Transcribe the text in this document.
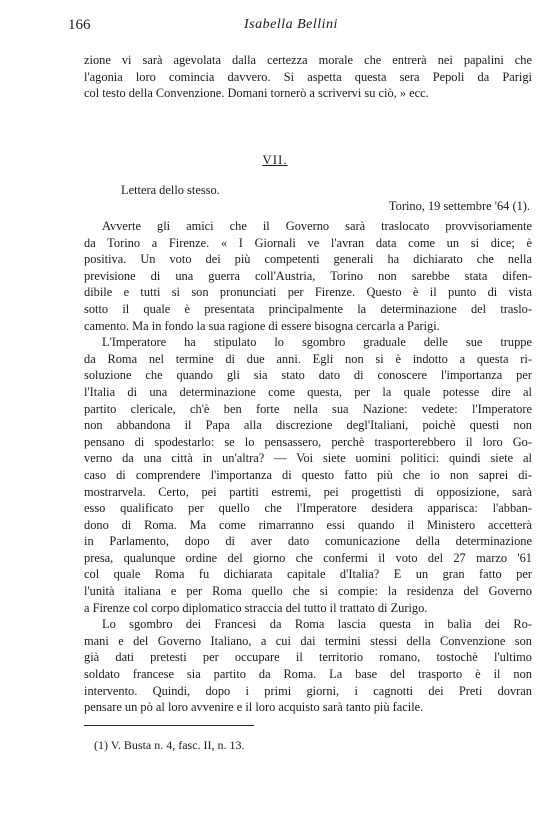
166	Isabella Bellini
zione vi sarà agevolata dalla certezza morale che entrerà nei papalini che
l'agonia loro comincia davvero. Si aspetta questa sera Pepoli da Parigi
col testo della Convenzione. Domani tornerò a scrivervi su ciò, » ecc.
VII.
Lettera dello stesso.
Torino, 19 settembre '64 (1).
Avverte gli amici che il Governo sarà traslocato provvisoriamente
da Torino a Firenze. « I Giornali ve l'avran data come un si dice; è
positiva. Un voto dei più competenti generali ha dichiarato che nella
previsione di una guerra coll'Austria, Torino non sarebbe stata difen-
dibile e tutti si son pronunciati per Firenze. Questo è il punto di vista
sotto il quale è presentata principalmente la determinazione del traslo-
camento. Ma in fondo la sua ragione di essere bisogna cercarla a Parigi.
L'Imperatore ha stipulato lo sgombro graduale delle sue truppe
da Roma nel termine di due anni. Egli non si è indotto a questa ri-
soluzione che quando gli sia stato dato di conoscere l'importanza per
l'Italia di una determinazione come questa, per la quale potesse dire al
partito clericale, ch'è ben forte nella sua Nazione: vedete: l'Imperatore
non abbandona il Papa alla discrezione degl'Italiani, poichè questi non
pensano di spodestarlo: se lo pensassero, perchè trasporterebbero il loro Go-
verno da una città in un'altra? — Voi siete uomini politici: quindi siete al
caso di comprendere l'importanza di questo fatto più che io non saprei di-
mostrarvela. Certo, pei partiti estremi, pei progettisti di opposizione, sarà
esso qualificato per quello che l'Imperatore desidera apparisca: l'abban-
dono di Roma. Ma come rimarranno essi quando il Ministero accetterà
in Parlamento, dopo di aver dato comunicazione della determinazione
presa, qualunque ordine del giorno che confermi il voto del 27 marzo '61
col quale Roma fu dichiarata capitale d'Italia? E un gran fatto per
l'unità italiana e per Roma quello che si compie: la residenza del Governo
a Firenze col corpo diplomatico straccia del tutto il trattato di Zurigo.
Lo sgombro dei Francesi da Roma lascia questa in balìa dei Ro-
mani e del Governo Italiano, a cui dai termini stessi della Convenzione son
già dati pretesti per occupare il territorio romano, tostochè l'ultimo
soldato francese sia partito da Roma. La base del trasporto è il non
intervento. Quindi, dopo i primi giorni, i cagnotti dei Preti dovran
pensare un pò al loro avvenire e il loro acquisto sarà tanto più facile.
(1) V. Busta n. 4, fasc. II, n. 13.
